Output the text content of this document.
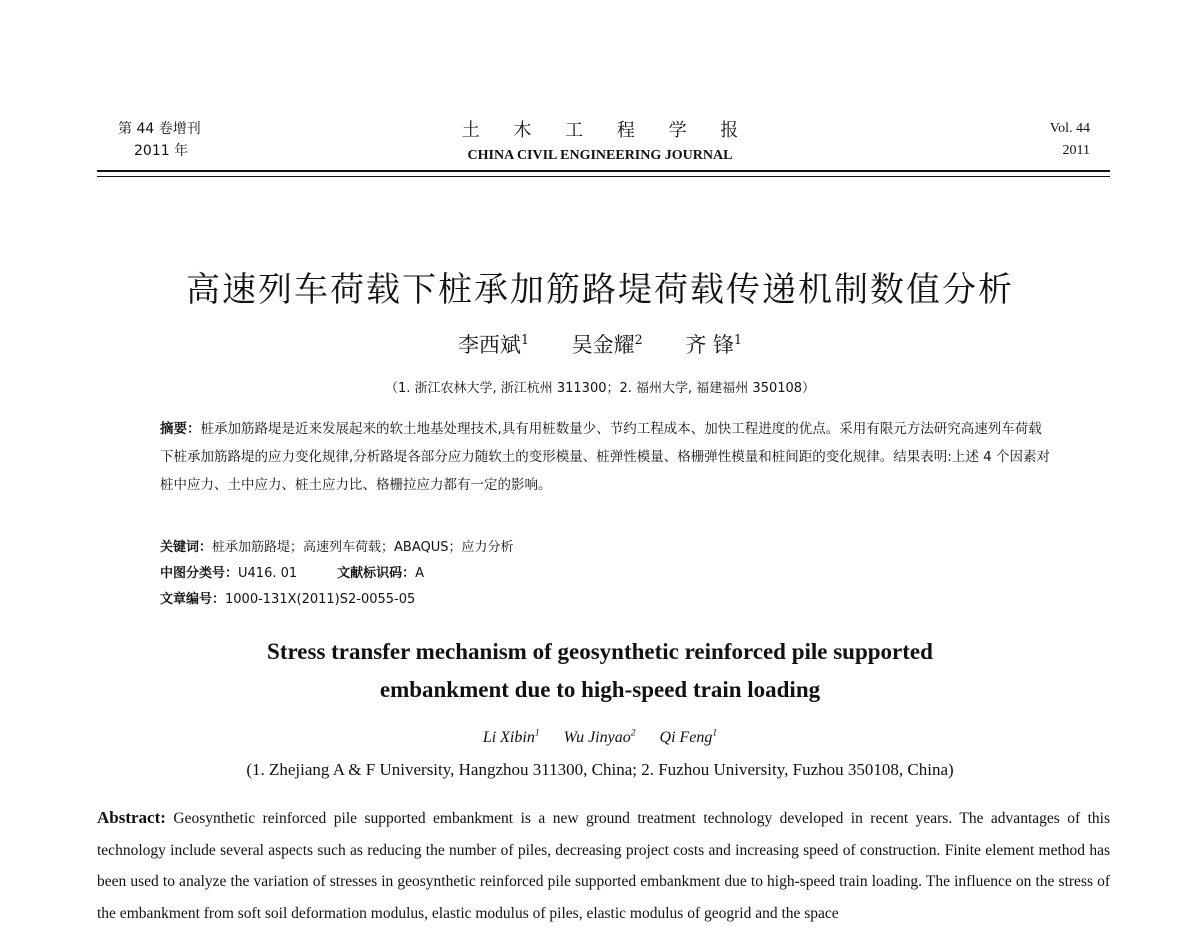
第 44 卷增刊
2011 年
土 木 工 程 学 报
CHINA CIVIL ENGINEERING JOURNAL
Vol. 44
2011
高速列车荷载下桩承加筋路堤荷载传递机制数值分析
李西斌$^1$ 吴金耀$^2$ 齐 锋$^1$
（1. 浙江农林大学, 浙江杭州 311300；2. 福州大学, 福建福州 350108）
摘要：桩承加筋路堤是近来发展起来的软土地基处理技术,具有用桩数量少、节约工程成本、加快工程进度的优点。采用有限元方法研究高速列车荷载下桩承加筋路堤的应力变化规律,分析路堤各部分应力随软土的变形模量、桩弹性模量、格栅弹性模量和桩间距的变化规律。结果表明:上述 4 个因素对桩中应力、土中应力、桩土应力比、格栅拉应力都有一定的影响。
关键词：桩承加筋路堤；高速列车荷载；ABAQUS；应力分析
中图分类号：U416. 01	文献标识码：A
文章编号：1000-131X(2011)S2-0055-05
Stress transfer mechanism of geosynthetic reinforced pile supported
embankment due to high-speed train loading
Li Xibin$^1$ Wu Jinyao$^2$ Qi Feng$^1$
(1. Zhejiang A & F University, Hangzhou 311300, China; 2. Fuzhou University, Fuzhou 350108, China)
Abstract: Geosynthetic reinforced pile supported embankment is a new ground treatment technology developed in recent years. The advantages of this technology include several aspects such as reducing the number of piles, decreasing project costs and increasing speed of construction. Finite element method has been used to analyze the variation of stresses in geosynthetic reinforced pile supported embankment due to high-speed train loading. The influence on the stress of the embankment from soft soil deformation modulus, elastic modulus of piles, elastic modulus of geogrid and the space
